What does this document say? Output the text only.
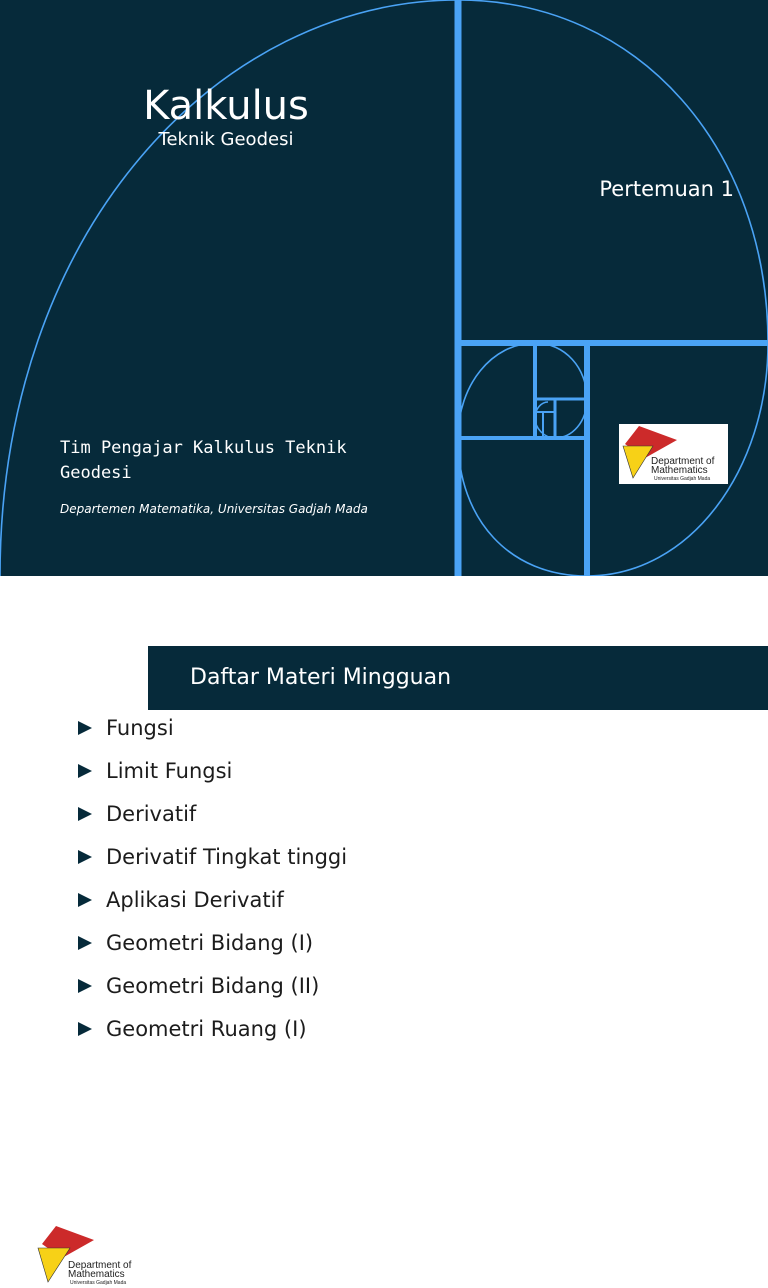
Kalkulus
Teknik Geodesi
Pertemuan 1
Tim Pengajar Kalkulus Teknik Geodesi
Departemen Matematika, Universitas Gadjah Mada
Department of
Mathematics
Universitas Gadjah Mada
Department of
Mathematics
Universitas Gadjah Mada
Daftar Materi Mingguan
Fungsi
Limit Fungsi
Derivatif
Derivatif Tingkat tinggi
Aplikasi Derivatif
Geometri Bidang (I)
Geometri Bidang (II)
Geometri Ruang (I)
